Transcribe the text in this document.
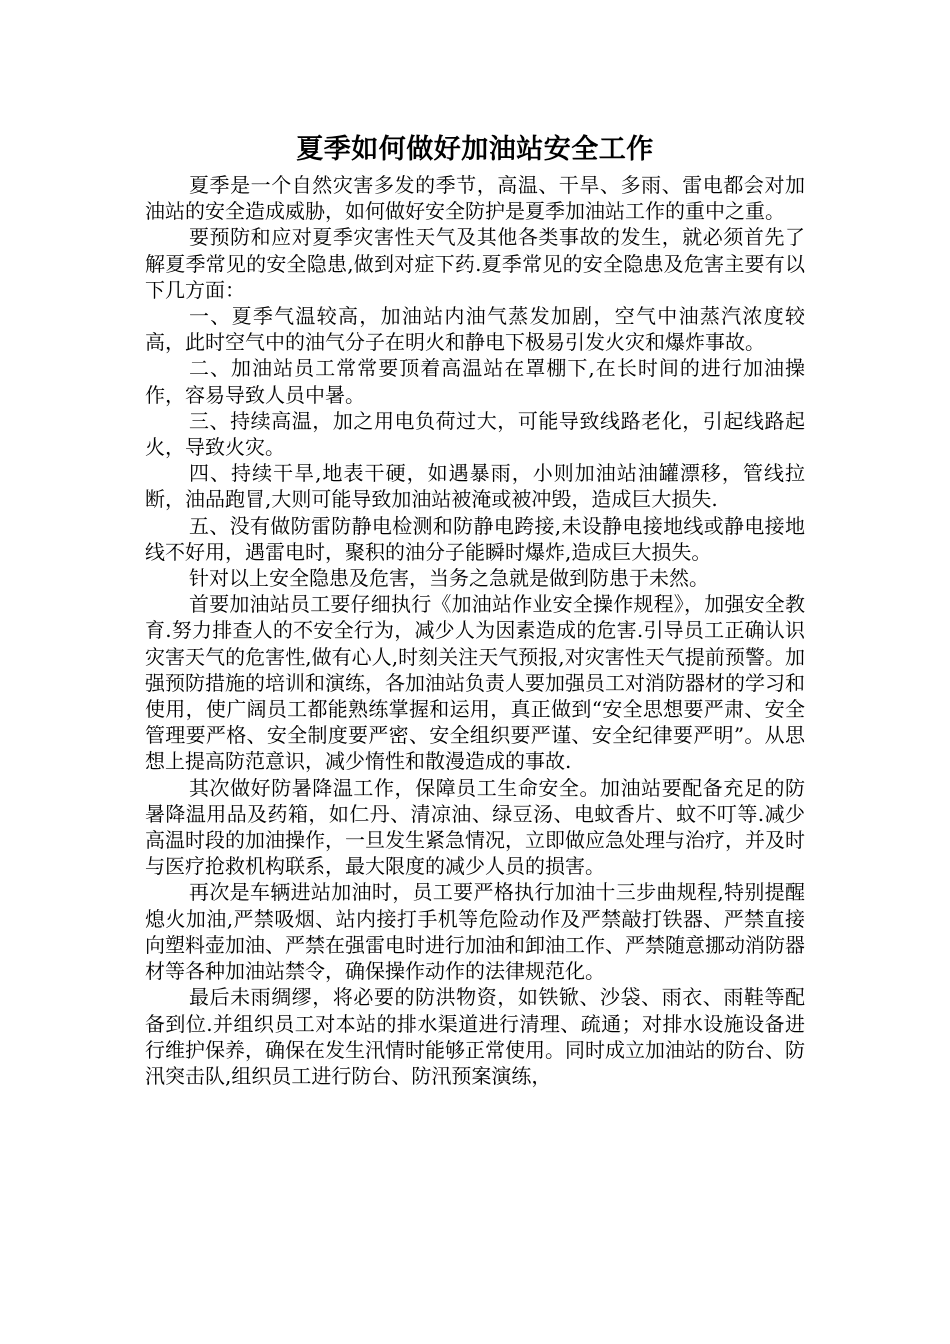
夏季如何做好加油站安全工作

夏季是一个自然灾害多发的季节，高温、干旱、多雨、雷电都会对加油站的安全造成威胁，如何做好安全防护是夏季加油站工作的重中之重。

要预防和应对夏季灾害性天气及其他各类事故的发生，就必须首先了解夏季常见的安全隐患,做到对症下药.夏季常见的安全隐患及危害主要有以下几方面：

一、夏季气温较高，加油站内油气蒸发加剧，空气中油蒸汽浓度较高，此时空气中的油气分子在明火和静电下极易引发火灾和爆炸事故。

二、加油站员工常常要顶着高温站在罩棚下,在长时间的进行加油操作，容易导致人员中暑。

三、持续高温，加之用电负荷过大，可能导致线路老化，引起线路起火，导致火灾。

四、持续干旱,地表干硬，如遇暴雨，小则加油站油罐漂移，管线拉断，油品跑冒,大则可能导致加油站被淹或被冲毁，造成巨大损失.

五、没有做防雷防静电检测和防静电跨接,未设静电接地线或静电接地线不好用，遇雷电时，聚积的油分子能瞬时爆炸,造成巨大损失。

针对以上安全隐患及危害，当务之急就是做到防患于未然。

首要加油站员工要仔细执行《加油站作业安全操作规程》，加强安全教育.努力排查人的不安全行为，减少人为因素造成的危害.引导员工正确认识灾害天气的危害性,做有心人,时刻关注天气预报,对灾害性天气提前预警。加强预防措施的培训和演练，各加油站负责人要加强员工对消防器材的学习和使用，使广阔员工都能熟练掌握和运用，真正做到“安全思想要严肃、安全管理要严格、安全制度要严密、安全组织要严谨、安全纪律要严明”。从思想上提高防范意识，减少惰性和散漫造成的事故.

其次做好防暑降温工作，保障员工生命安全。加油站要配备充足的防暑降温用品及药箱，如仁丹、清凉油、绿豆汤、电蚊香片、蚊不叮等.减少高温时段的加油操作，一旦发生紧急情况，立即做应急处理与治疗，并及时与医疗抢救机构联系，最大限度的减少人员的损害。

再次是车辆进站加油时，员工要严格执行加油十三步曲规程,特别提醒熄火加油,严禁吸烟、站内接打手机等危险动作及严禁敲打铁器、严禁直接向塑料壶加油、严禁在强雷电时进行加油和卸油工作、严禁随意挪动消防器材等各种加油站禁令，确保操作动作的法律规范化。

最后未雨绸缪，将必要的防洪物资，如铁锨、沙袋、雨衣、雨鞋等配备到位.并组织员工对本站的排水渠道进行清理、疏通；对排水设施设备进行维护保养，确保在发生汛情时能够正常使用。同时成立加油站的防台、防汛突击队,组织员工进行防台、防汛预案演练，
